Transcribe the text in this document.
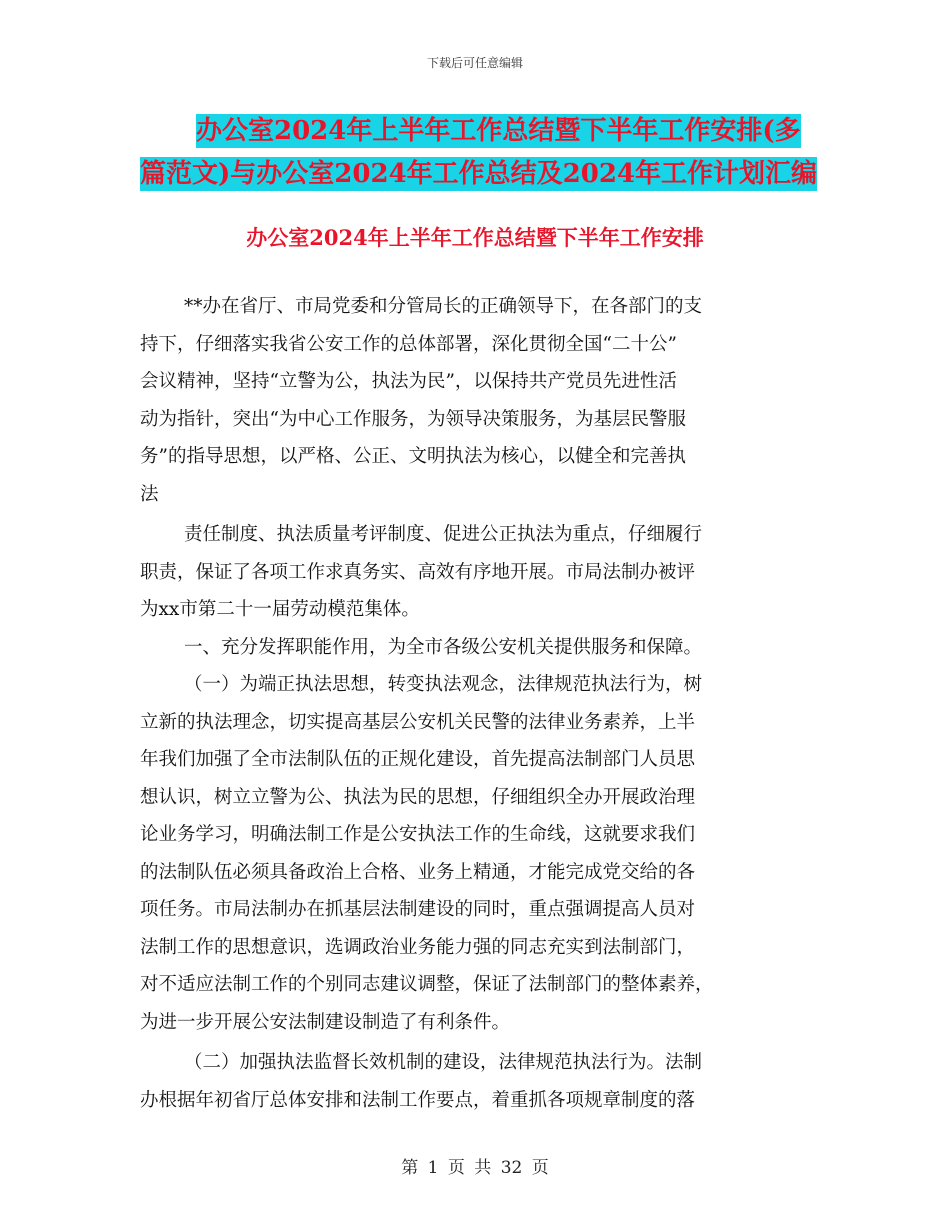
下载后可任意编辑
办公室2024年上半年工作总结暨下半年工作安排(多
篇范文)与办公室2024年工作总结及2024年工作计划汇编
办公室2024年上半年工作总结暨下半年工作安排
**办在省厅、市局党委和分管局长的正确领导下，在各部门的支
持下，仔细落实我省公安工作的总体部署，深化贯彻全国“二十公”
会议精神，坚持“立警为公，执法为民”，以保持共产党员先进性活
动为指针，突出“为中心工作服务，为领导决策服务，为基层民警服
务”的指导思想，以严格、公正、文明执法为核心，以健全和完善执
法
责任制度、执法质量考评制度、促进公正执法为重点，仔细履行
职责，保证了各项工作求真务实、高效有序地开展。市局法制办被评
为xx市第二十一届劳动模范集体。
一、充分发挥职能作用，为全市各级公安机关提供服务和保障。
（一）为端正执法思想，转变执法观念，法律规范执法行为，树
立新的执法理念，切实提高基层公安机关民警的法律业务素养，上半
年我们加强了全市法制队伍的正规化建设，首先提高法制部门人员思
想认识，树立立警为公、执法为民的思想，仔细组织全办开展政治理
论业务学习，明确法制工作是公安执法工作的生命线，这就要求我们
的法制队伍必须具备政治上合格、业务上精通，才能完成党交给的各
项任务。市局法制办在抓基层法制建设的同时，重点强调提高人员对
法制工作的思想意识，选调政治业务能力强的同志充实到法制部门，
对不适应法制工作的个别同志建议调整，保证了法制部门的整体素养，
为进一步开展公安法制建设制造了有利条件。
（二）加强执法监督长效机制的建设，法律规范执法行为。法制
办根据年初省厅总体安排和法制工作要点，着重抓各项规章制度的落
第 1 页 共 32 页
